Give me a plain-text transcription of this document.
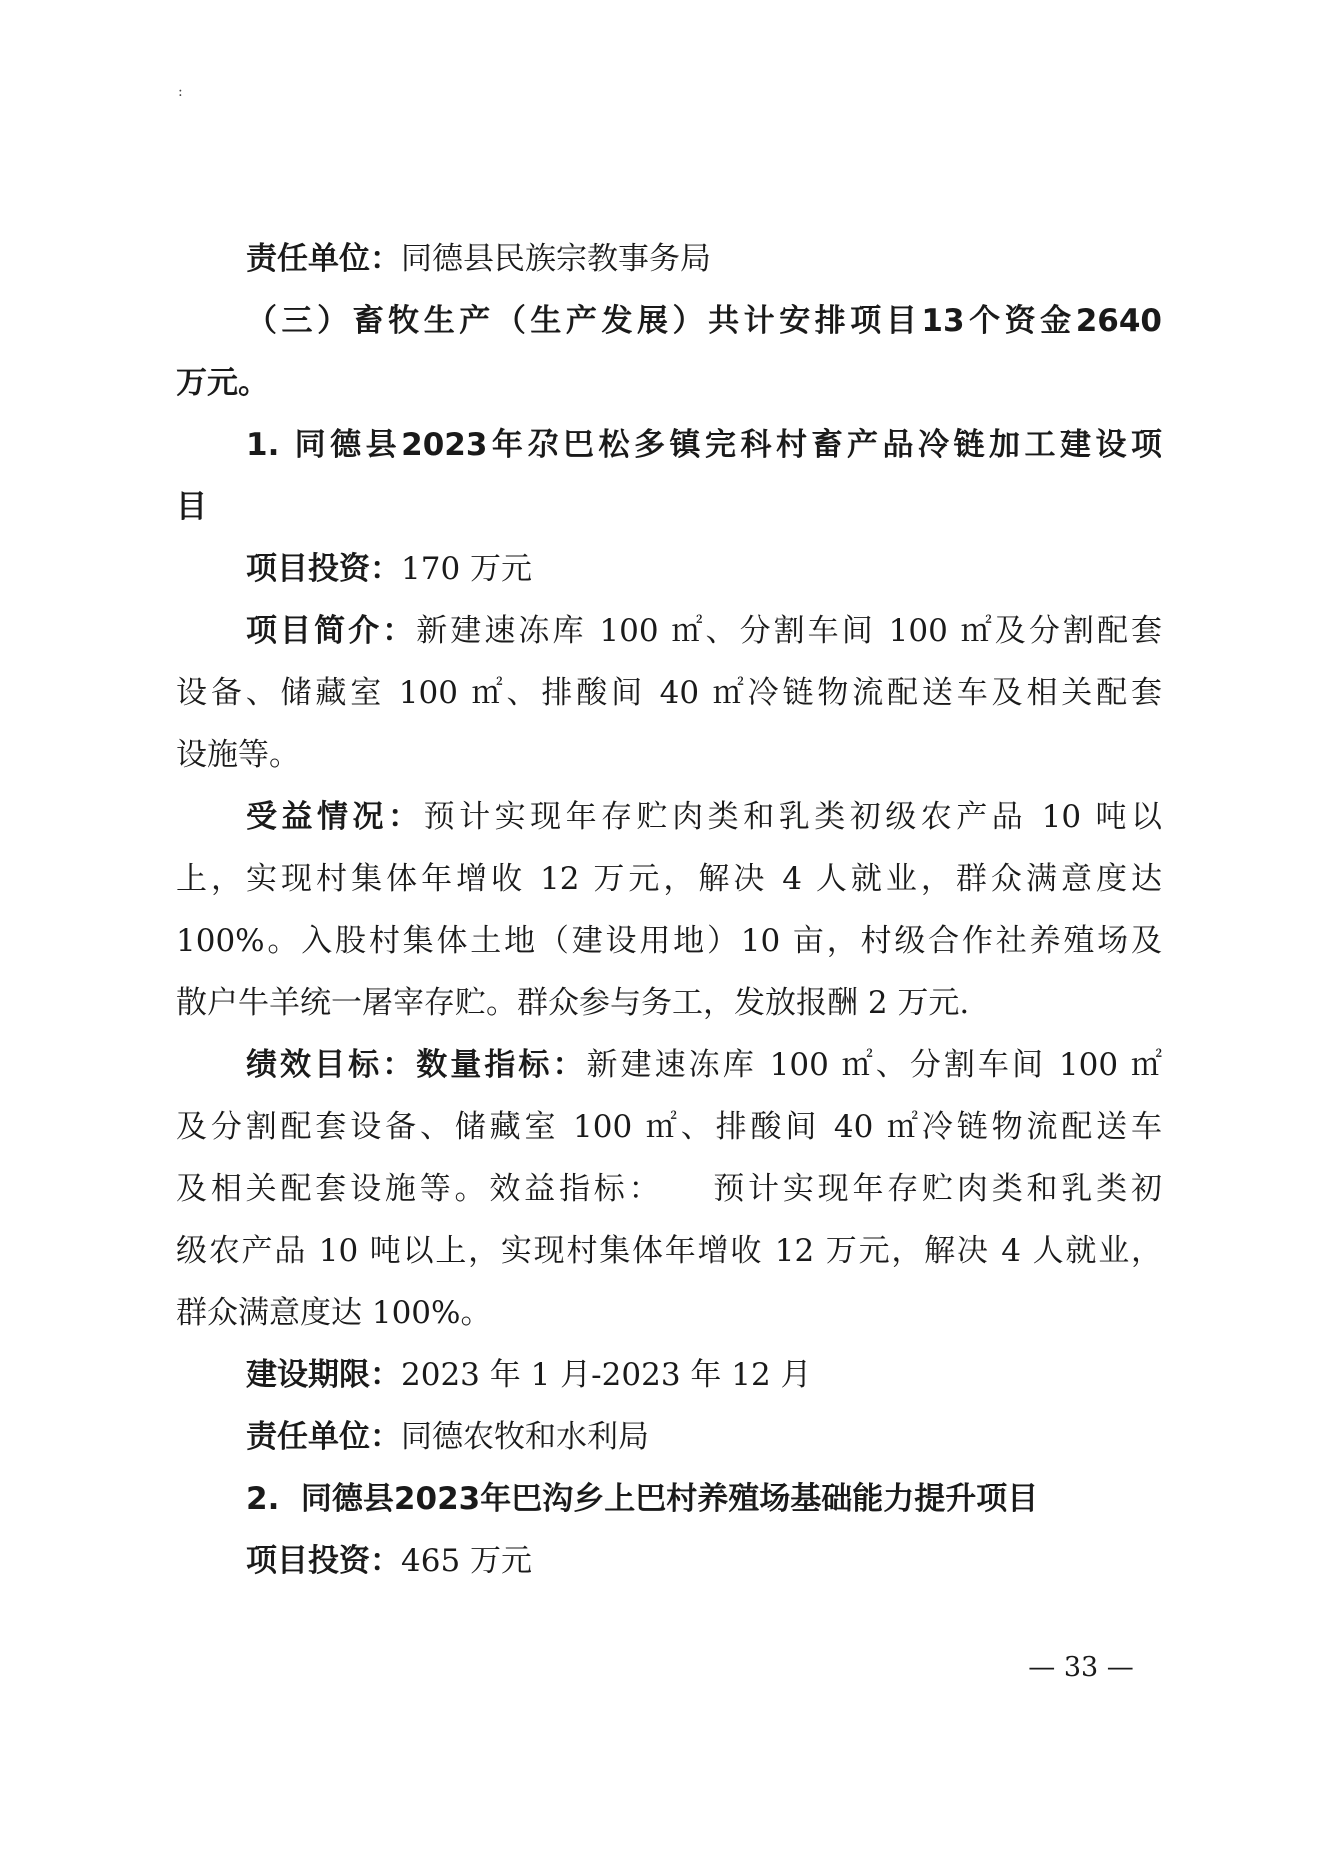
:
责任单位：同德县民族宗教事务局
（三）畜牧生产（生产发展）共计安排项目13个资金2640
万元。
1. 同德县2023年尕巴松多镇完科村畜产品冷链加工建设项
目
项目投资：170 万元
项目简介：新建速冻库 100 ㎡、分割车间 100 ㎡及分割配套
设备、储藏室 100 ㎡、排酸间 40 ㎡冷链物流配送车及相关配套
设施等。
受益情况：预计实现年存贮肉类和乳类初级农产品 10 吨以
上，实现村集体年增收 12 万元，解决 4 人就业，群众满意度达
100%。入股村集体土地（建设用地）10 亩，村级合作社养殖场及
散户牛羊统一屠宰存贮。群众参与务工，发放报酬 2 万元.
绩效目标：数量指标：新建速冻库 100 ㎡、分割车间 100 ㎡
及分割配套设备、储藏室 100 ㎡、排酸间 40 ㎡冷链物流配送车
及相关配套设施等。效益指标： 预计实现年存贮肉类和乳类初
级农产品 10 吨以上，实现村集体年增收 12 万元，解决 4 人就业，
群众满意度达 100%。
建设期限：2023 年 1 月-2023 年 12 月
责任单位：同德农牧和水利局
2.  同德县2023年巴沟乡上巴村养殖场基础能力提升项目
项目投资：465 万元
— 33 —
